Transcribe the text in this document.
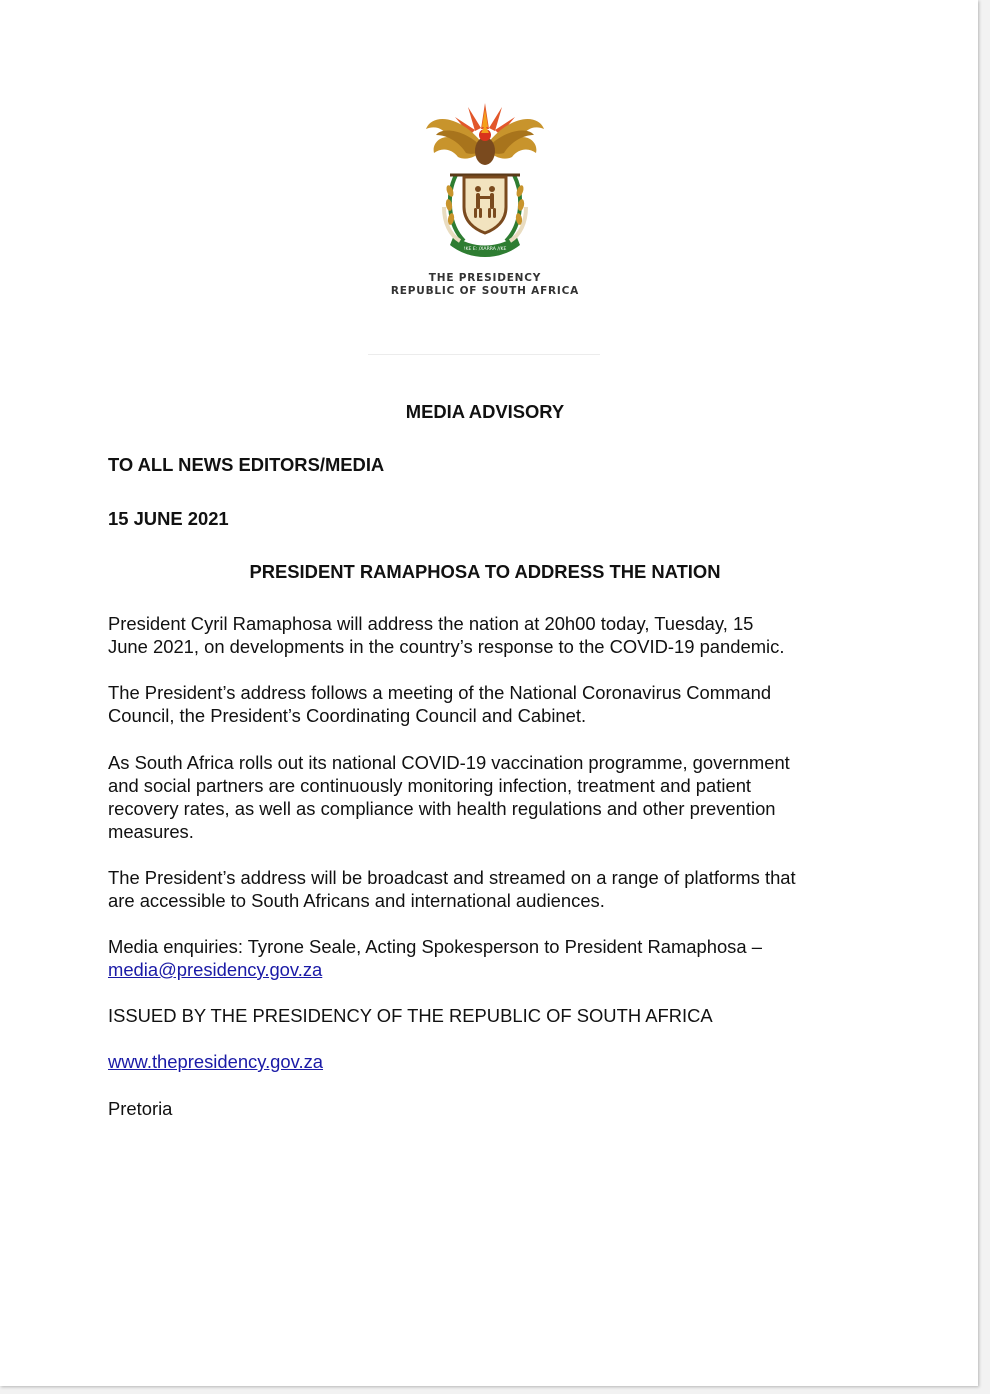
!KE E: /XARRA //KE
THE PRESIDENCY
REPUBLIC OF SOUTH AFRICA

MEDIA ADVISORY

TO ALL NEWS EDITORS/MEDIA

15 JUNE 2021

PRESIDENT RAMAPHOSA TO ADDRESS THE NATION

President Cyril Ramaphosa will address the nation at 20h00 today, Tuesday, 15
June 2021, on developments in the country’s response to the COVID-19 pandemic.
The President’s address follows a meeting of the National Coronavirus Command
Council, the President’s Coordinating Council and Cabinet.
As South Africa rolls out its national COVID-19 vaccination programme, government
and social partners are continuously monitoring infection, treatment and patient
recovery rates, as well as compliance with health regulations and other prevention
measures.
The President’s address will be broadcast and streamed on a range of platforms that
are accessible to South Africans and international audiences.
Media enquiries: Tyrone Seale, Acting Spokesperson to President Ramaphosa –
media@presidency.gov.za

ISSUED BY THE PRESIDENCY OF THE REPUBLIC OF SOUTH AFRICA

www.thepresidency.gov.za

Pretoria
